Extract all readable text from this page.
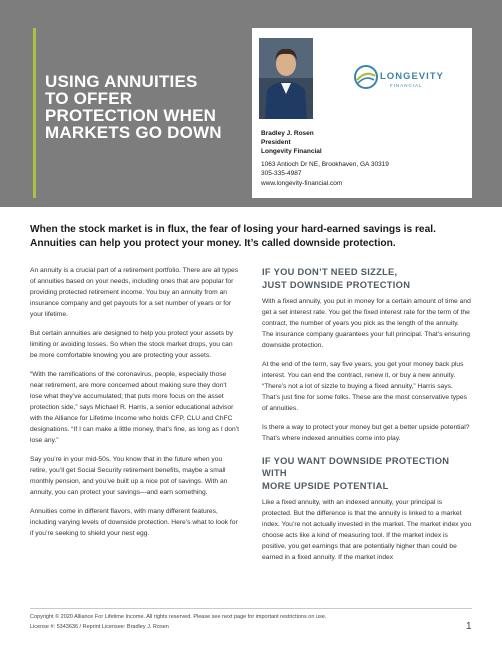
USING ANNUITIES
TO OFFER
PROTECTION WHEN
MARKETS GO DOWN
LONGEVITY
FINANCIAL
Bradley J. Rosen
President
Longevity Financial
1063 Antioch Dr NE, Brookhaven, GA 30319
305-335-4987
www.longevity-financial.com
When the stock market is in flux, the fear of losing your hard-earned savings is real. Annuities can help you protect your money. It’s called downside protection.

An annuity is a crucial part of a retirement portfolio. There are all types of annuities based on your needs, including ones that are popular for providing protected retirement income. You buy an annuity from an insurance company and get payouts for a set number of years or for your lifetime.

But certain annuities are designed to help you protect your assets by limiting or avoiding losses. So when the stock market drops, you can be more comfortable knowing you are protecting your assets.

“With the ramifications of the coronavirus, people, especially those near retirement, are more concerned about making sure they don’t lose what they’ve accumulated; that puts more focus on the asset protection side,” says Michael R. Harris, a senior educational advisor with the Alliance for Lifetime Income who holds CFP, CLU and ChFC designations. “If I can make a little money, that’s fine, as long as I don’t lose any.”

Say you’re in your mid-50s. You know that in the future when you retire, you’ll get Social Security retirement benefits, maybe a small monthly pension, and you’ve built up a nice pot of savings. With an annuity, you can protect your savings—and earn something.

Annuities come in different flavors, with many different features, including varying levels of downside protection. Here’s what to look for if you’re seeking to shield your nest egg.

IF YOU DON’T NEED SIZZLE,
JUST DOWNSIDE PROTECTION

With a fixed annuity, you put in money for a certain amount of time and get a set interest rate. You get the fixed interest rate for the term of the contract, the number of years you pick as the length of the annuity. The insurance company guarantees your full principal. That’s ensuring downside protection.

At the end of the term, say five years, you get your money back plus interest. You can end the contract, renew it, or buy a new annuity. “There’s not a lot of sizzle to buying a fixed annuity,” Harris says. That’s just fine for some folks. These are the most conservative types of annuities.

Is there a way to protect your money but get a better upside potential? That’s where indexed annuities come into play.

IF YOU WANT DOWNSIDE PROTECTION WITH
MORE UPSIDE POTENTIAL

Like a fixed annuity, with an indexed annuity, your principal is protected. But the difference is that the annuity is linked to a market index. You’re not actually invested in the market. The market index you choose acts like a kind of measuring tool. If the market index is positive, you get earnings that are potentially higher than could be earned in a fixed annuity. If the market index

Copyright © 2020 Alliance For Lifetime Income. All rights reserved. Please see next page for important restrictions on use.
License #: 5343636 / Reprint Licensee: Bradley J. Rosen	1
